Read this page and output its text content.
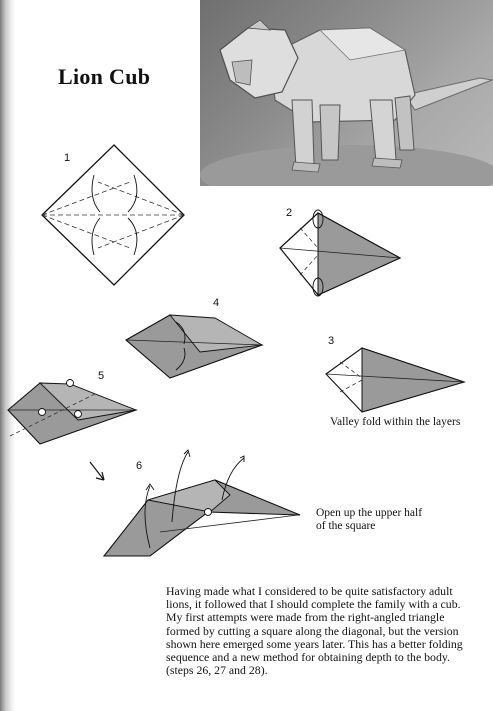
Lion Cub
1
2
3
4
5
6
Valley fold within the layers
Open up the upper half
of the square

Having made what I considered to be quite satisfactory adult lions, it followed that I should complete the family with a cub. My first attempts were made from the right-angled triangle formed by cutting a square along the diagonal, but the version shown here emerged some years later. This has a better folding sequence and a new method for obtaining depth to the body. (steps 26, 27 and 28).
